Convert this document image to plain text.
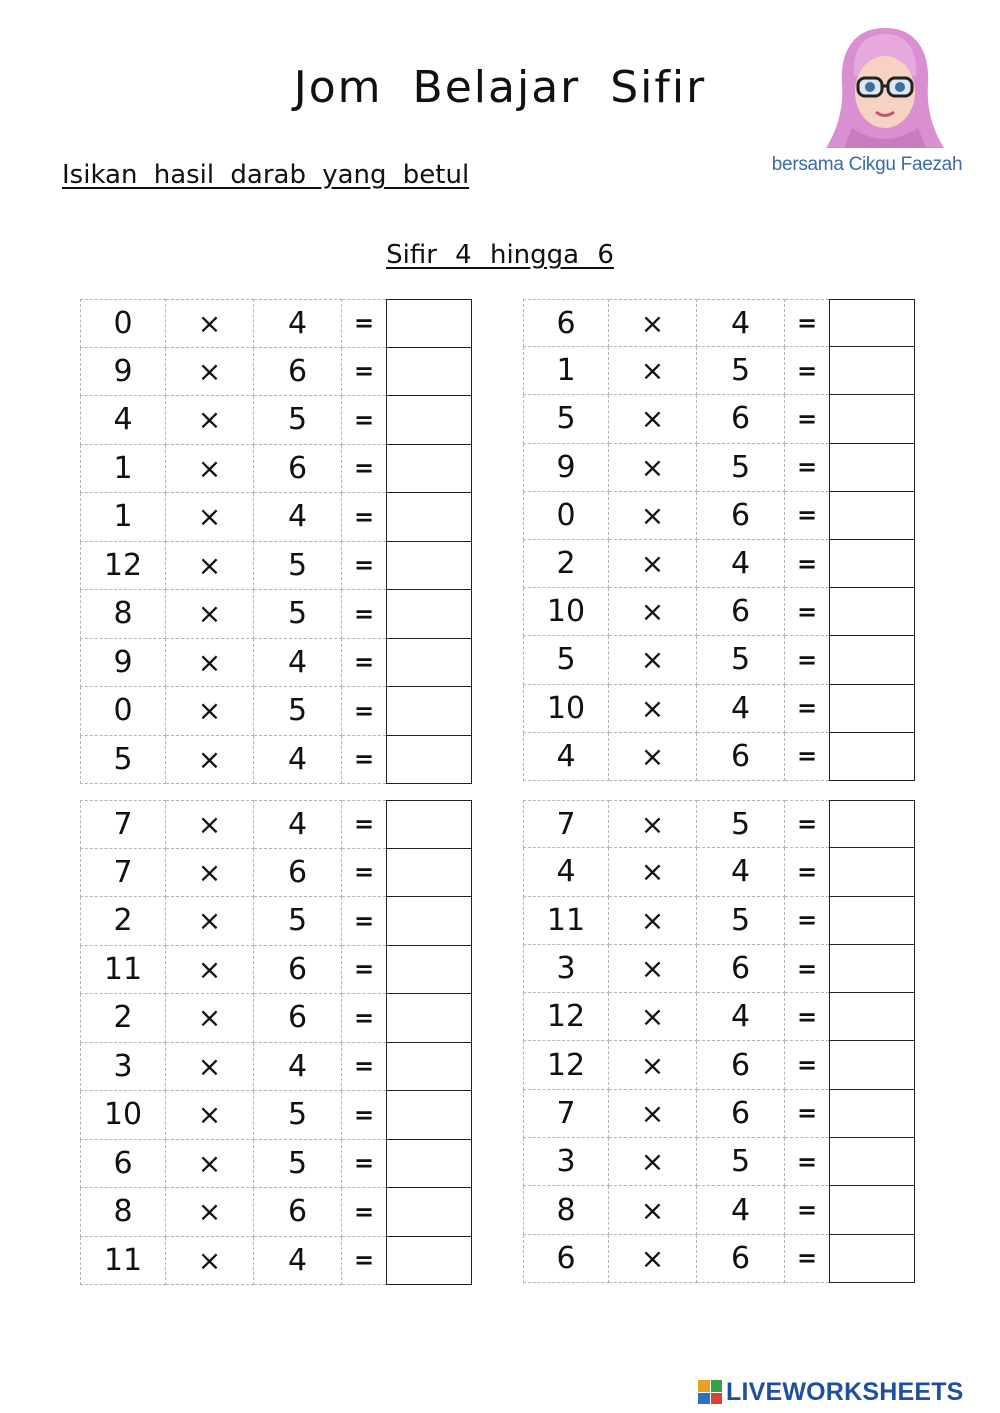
Jom Belajar Sifir
bersama Cikgu Faezah
Isikan hasil darab yang betul
Sifir 4 hingga 6
0	×	4	=
9	×	6	=
4	×	5	=
1	×	6	=
1	×	4	=
12	×	5	=
8	×	5	=
9	×	4	=
0	×	5	=
5	×	4	=
6	×	4	=
1	×	5	=
5	×	6	=
9	×	5	=
0	×	6	=
2	×	4	=
10	×	6	=
5	×	5	=
10	×	4	=
4	×	6	=
7	×	4	=
7	×	6	=
2	×	5	=
11	×	6	=
2	×	6	=
3	×	4	=
10	×	5	=
6	×	5	=
8	×	6	=
11	×	4	=
7	×	5	=
4	×	4	=
11	×	5	=
3	×	6	=
12	×	4	=
12	×	6	=
7	×	6	=
3	×	5	=
8	×	4	=
6	×	6	=
LIVEWORKSHEETS
